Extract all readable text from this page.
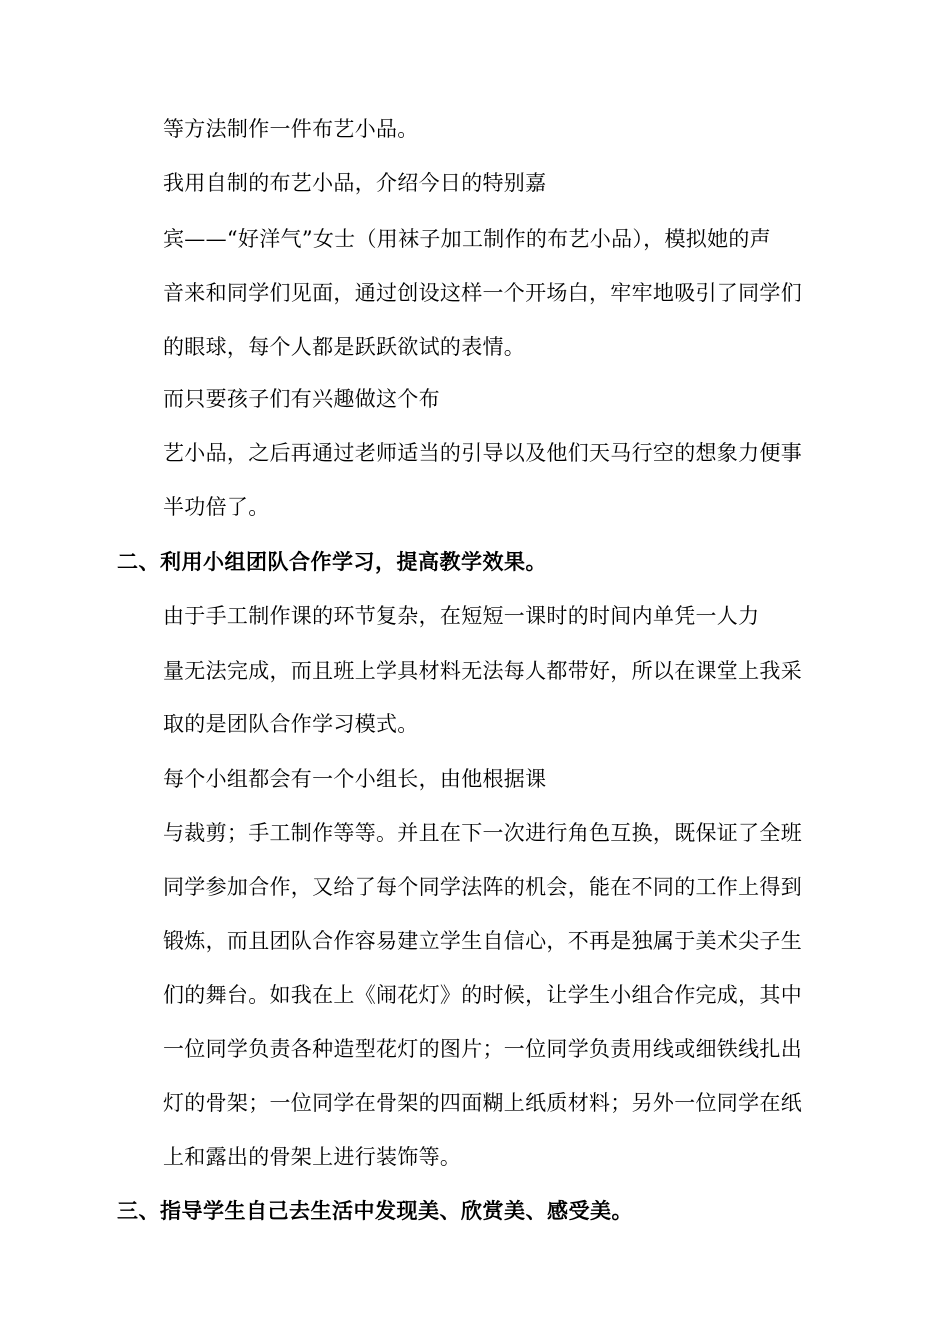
等方法制作一件布艺小品。
我用自制的布艺小品，介绍今日的特别嘉
宾——“好洋气”女士（用袜子加工制作的布艺小品），模拟她的声
音来和同学们见面，通过创设这样一个开场白，牢牢地吸引了同学们
的眼球，每个人都是跃跃欲试的表情。
而只要孩子们有兴趣做这个布
艺小品，之后再通过老师适当的引导以及他们天马行空的想象力便事
半功倍了。
二、利用小组团队合作学习，提高教学效果。
由于手工制作课的环节复杂，在短短一课时的时间内单凭一人力
量无法完成，而且班上学具材料无法每人都带好，所以在课堂上我采
取的是团队合作学习模式。
每个小组都会有一个小组长，由他根据课
与裁剪；手工制作等等。并且在下一次进行角色互换，既保证了全班
同学参加合作，又给了每个同学法阵的机会，能在不同的工作上得到
锻炼，而且团队合作容易建立学生自信心，不再是独属于美术尖子生
们的舞台。如我在上《闹花灯》的时候，让学生小组合作完成，其中
一位同学负责各种造型花灯的图片；一位同学负责用线或细铁线扎出
灯的骨架；一位同学在骨架的四面糊上纸质材料；另外一位同学在纸
上和露出的骨架上进行装饰等。
三、指导学生自己去生活中发现美、欣赏美、感受美。
